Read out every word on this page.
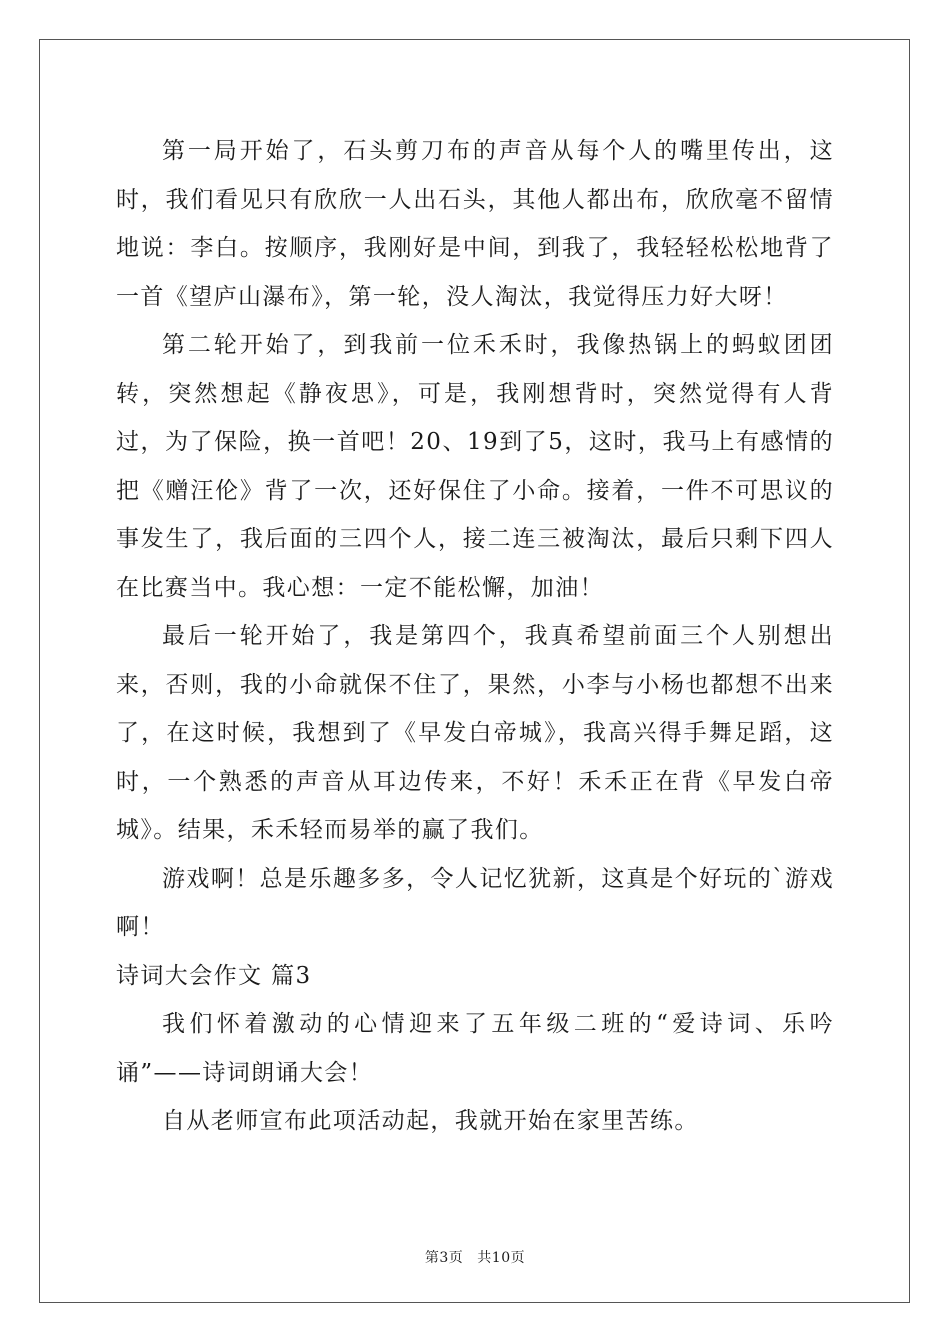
第一局开始了，石头剪刀布的声音从每个人的嘴里传出，这时，我们看见只有欣欣一人出石头，其他人都出布，欣欣毫不留情地说：李白。按顺序，我刚好是中间，到我了，我轻轻松松地背了一首《望庐山瀑布》，第一轮，没人淘汰，我觉得压力好大呀！

第二轮开始了，到我前一位禾禾时，我像热锅上的蚂蚁团团转，突然想起《静夜思》，可是，我刚想背时，突然觉得有人背过，为了保险，换一首吧！20、19到了5，这时，我马上有感情的把《赠汪伦》背了一次，还好保住了小命。接着，一件不可思议的事发生了，我后面的三四个人，接二连三被淘汰，最后只剩下四人在比赛当中。我心想：一定不能松懈，加油！

最后一轮开始了，我是第四个，我真希望前面三个人别想出来，否则，我的小命就保不住了，果然，小李与小杨也都想不出来了，在这时候，我想到了《早发白帝城》，我高兴得手舞足蹈，这时，一个熟悉的声音从耳边传来，不好！禾禾正在背《早发白帝城》。结果，禾禾轻而易举的赢了我们。

游戏啊！总是乐趣多多，令人记忆犹新，这真是个好玩的`游戏啊！

诗词大会作文 篇3

我们怀着激动的心情迎来了五年级二班的“爱诗词、乐吟诵”——诗词朗诵大会！

自从老师宣布此项活动起，我就开始在家里苦练。

第3页 共10页
